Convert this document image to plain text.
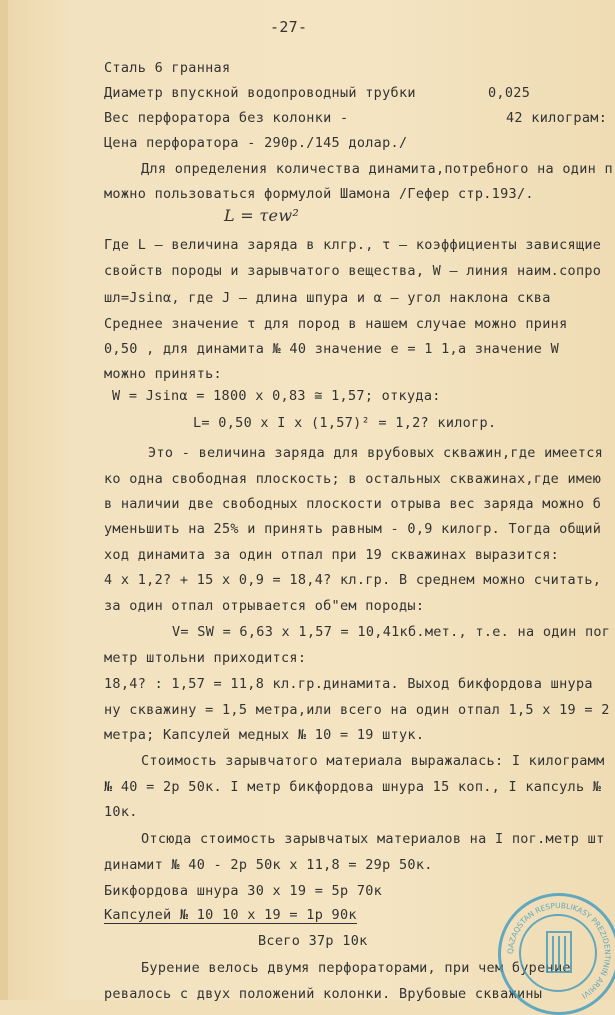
-27-
Сталь 6 гранная
Диаметр впускной водопроводный трубки	0,025
Вес перфоратора без колонки -	42 килограм:
Цена перфоратора - 290р./145 долар./
Для определения количества динамита,потребного на один п
можно пользоваться формулой Шамона /Гефер стр.193/.
L = τew²
Где L – величина заряда в клгр., τ – коэффициенты зависящие
свойств породы и зарывчатого вещества, W – линия наим.сопро
шл=Jsinα, где J — длина шпура и α — угол наклона сква
Среднее значение τ для пород в нашем случае можно приня
0,50 , для динамита № 40 значение e = 1 1,а значение W
можно принять:
W = Jsinα = 1800 x 0,83 ≅ 1,57; откуда:
L= 0,50 x I x (1,57)² = 1,2? килогр.
Это - величина заряда для врубовых скважин,где имеется
ко одна свободная плоскость; в остальных скважинах,где имею
в наличии две свободных плоскости отрыва вес заряда можно б
уменьшить на 25% и принять равным - 0,9 килогр. Тогда общий
ход динамита за один отпал при 19 скважинах выразится:
4 x 1,2? + 15 x 0,9 = 18,4? кл.гр. В среднем можно считать,
за один отпал отрывается об"ем породы:
V= SW = 6,63 x 1,57 = 10,41кб.мет., т.е. на один пог
метр штольни приходится:
18,4? : 1,57 = 11,8 кл.гр.динамита. Выход бикфордова шнура
ну скважину = 1,5 метра,или всего на один отпал 1,5 x 19 = 2
метра; Капсулей медных № 10 = 19 штук.
Стоимость зарывчатого материала выражалась: I килограмм
№ 40 = 2р 50к. I метр бикфордова шнура 15 коп., I капсуль №
10к.
Отсюда стоимость зарывчатых материалов на I пог.метр шт
динамит № 40 - 2р 50к x 11,8 = 29р 50к.
Бикфордова шнура 30 x 19 = 5р 70к
Капсулей № 10 10 x 19 = 1р 90к
Всего 37р 10к
Бурение велось двумя перфораторами, при чем бурение
ревалось с двух положений колонки. Врубовые скважины
QAZAQSTAN RESPUBLIKASY PREZIDENTINIŃ ARHIVI
